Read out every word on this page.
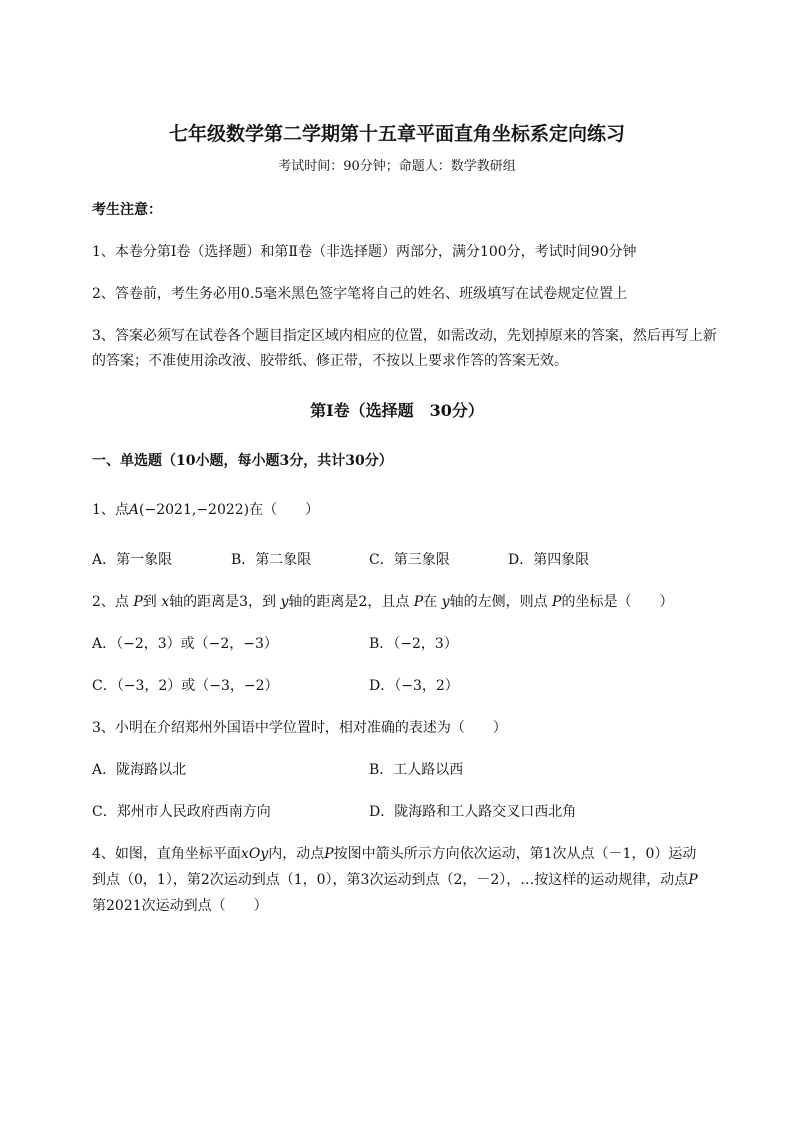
七年级数学第二学期第十五章平面直角坐标系定向练习
考试时间：90分钟；命题人：数学教研组
考生注意：
1、本卷分第Ⅰ卷（选择题）和第Ⅱ卷（非选择题）两部分，满分100分，考试时间90分钟
2、答卷前，考生务必用0.5毫米黑色签字笔将自己的姓名、班级填写在试卷规定位置上
3、答案必须写在试卷各个题目指定区域内相应的位置，如需改动，先划掉原来的答案，然后再写上新
的答案；不准使用涂改液、胶带纸、修正带，不按以上要求作答的答案无效。
第Ⅰ卷（选择题　30分）
一、单选题（10小题，每小题3分，共计30分）
1、点A(−2021,−2022)在（　　）
A．第一象限	B．第二象限	C．第三象限	D．第四象限
2、点 P到 x轴的距离是3，到 y轴的距离是2，且点 P在 y轴的左侧，则点 P的坐标是（　　）
A．（−2，3）或（−2，−3）	B．（−2，3）
C．（−3，2）或（−3，−2）	D．（−3，2）
3、小明在介绍郑州外国语中学位置时，相对准确的表述为（　　）
A．陇海路以北	B．工人路以西
C．郑州市人民政府西南方向	D．陇海路和工人路交叉口西北角
4、如图，直角坐标平面xOy内，动点P按图中箭头所示方向依次运动，第1次从点（－1，0）运动
到点（0，1），第2次运动到点（1，0），第3次运动到点（2，－2），…按这样的运动规律，动点P
第2021次运动到点（　　）
